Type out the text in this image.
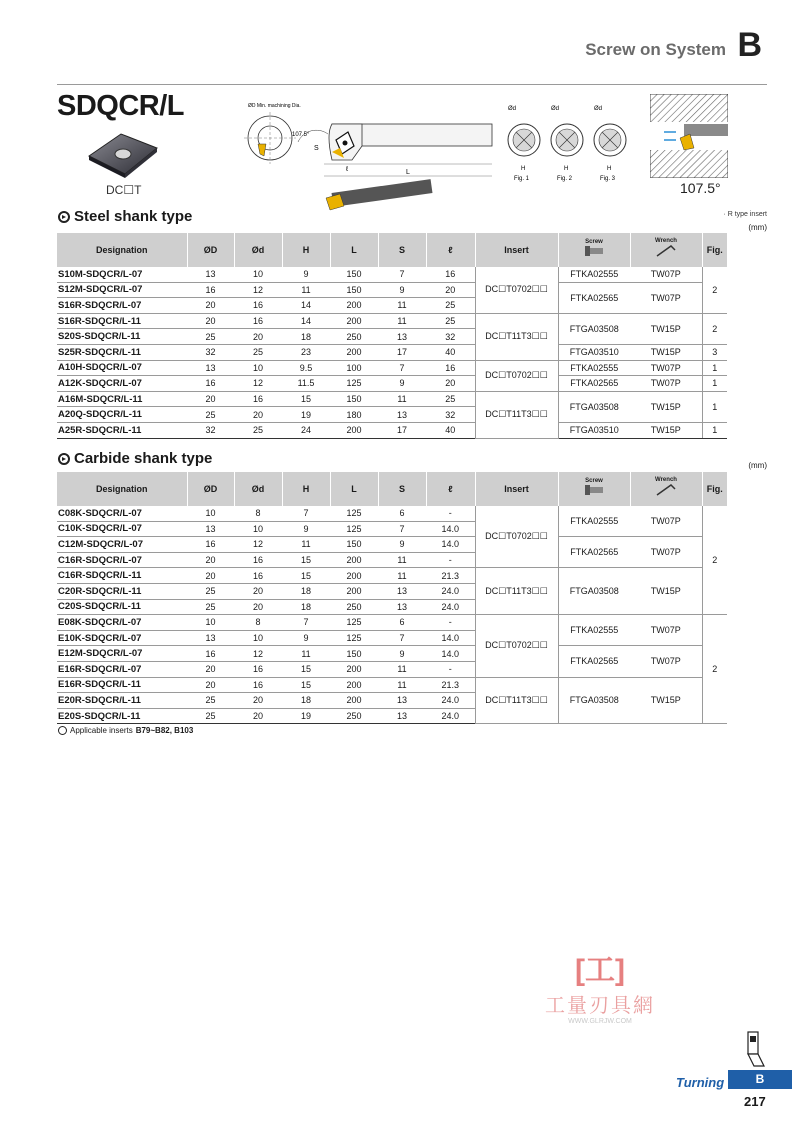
Screw on System B
SDQCR/L
DC☐T
ØD Min. machining Dia.
107.5°
S
ℓ	L
Ød
H
Fig. 1
Ød
H
Fig. 2
Ød
H
Fig. 3
107.5°
Steel shank type	· R type insert
(mm)
Designation	ØD	Ød	H	L	S	ℓ	Insert	Screw	Wrench	Fig.
S10M-SDQCR/L-07	13	10	9	150	7	16	DC☐T0702☐☐	FTKA02555	TW07P	2
S12M-SDQCR/L-07	16	12	11	150	9	20		FTKA02565	TW07P	
S16R-SDQCR/L-07	20	16	14	200	11	25				
S16R-SDQCR/L-11	20	16	14	200	11	25	DC☐T11T3☐☐	FTGA03508	TW15P	2
S20S-SDQCR/L-11	25	20	18	250	13	32				
S25R-SDQCR/L-11	32	25	23	200	17	40		FTGA03510	TW15P	3
A10H-SDQCR/L-07	13	10	9.5	100	7	16	DC☐T0702☐☐	FTKA02555	TW07P	1
A12K-SDQCR/L-07	16	12	11.5	125	9	20		FTKA02565	TW07P	1
A16M-SDQCR/L-11	20	16	15	150	11	25	DC☐T11T3☐☐	FTGA03508	TW15P	1
A20Q-SDQCR/L-11	25	20	19	180	13	32				
A25R-SDQCR/L-11	32	25	24	200	17	40		FTGA03510	TW15P	1
Carbide shank type	(mm)
Designation	ØD	Ød	H	L	S	ℓ	Insert	Screw	Wrench	Fig.
C08K-SDQCR/L-07	10	8	7	125	6	-	DC☐T0702☐☐	FTKA02555	TW07P	2
C10K-SDQCR/L-07	13	10	9	125	7	14.0				
C12M-SDQCR/L-07	16	12	11	150	9	14.0		FTKA02565	TW07P	
C16R-SDQCR/L-07	20	16	15	200	11	-				
C16R-SDQCR/L-11	20	16	15	200	11	21.3	DC☐T11T3☐☐	FTGA03508	TW15P	
C20R-SDQCR/L-11	25	20	18	200	13	24.0				
C20S-SDQCR/L-11	25	20	18	250	13	24.0				
E08K-SDQCR/L-07	10	8	7	125	6	-	DC☐T0702☐☐	FTKA02555	TW07P	2
E10K-SDQCR/L-07	13	10	9	125	7	14.0				
E12M-SDQCR/L-07	16	12	11	150	9	14.0		FTKA02565	TW07P	
E16R-SDQCR/L-07	20	16	15	200	11	-				
E16R-SDQCR/L-11	20	16	15	200	11	21.3	DC☐T11T3☐☐	FTGA03508	TW15P	
E20R-SDQCR/L-11	25	20	18	200	13	24.0				
E20S-SDQCR/L-11	25	20	19	250	13	24.0				
Applicable inserts B79~B82, B103
[工]
工量刃具網
WWW.GLRJW.COM
Turning	B
217
